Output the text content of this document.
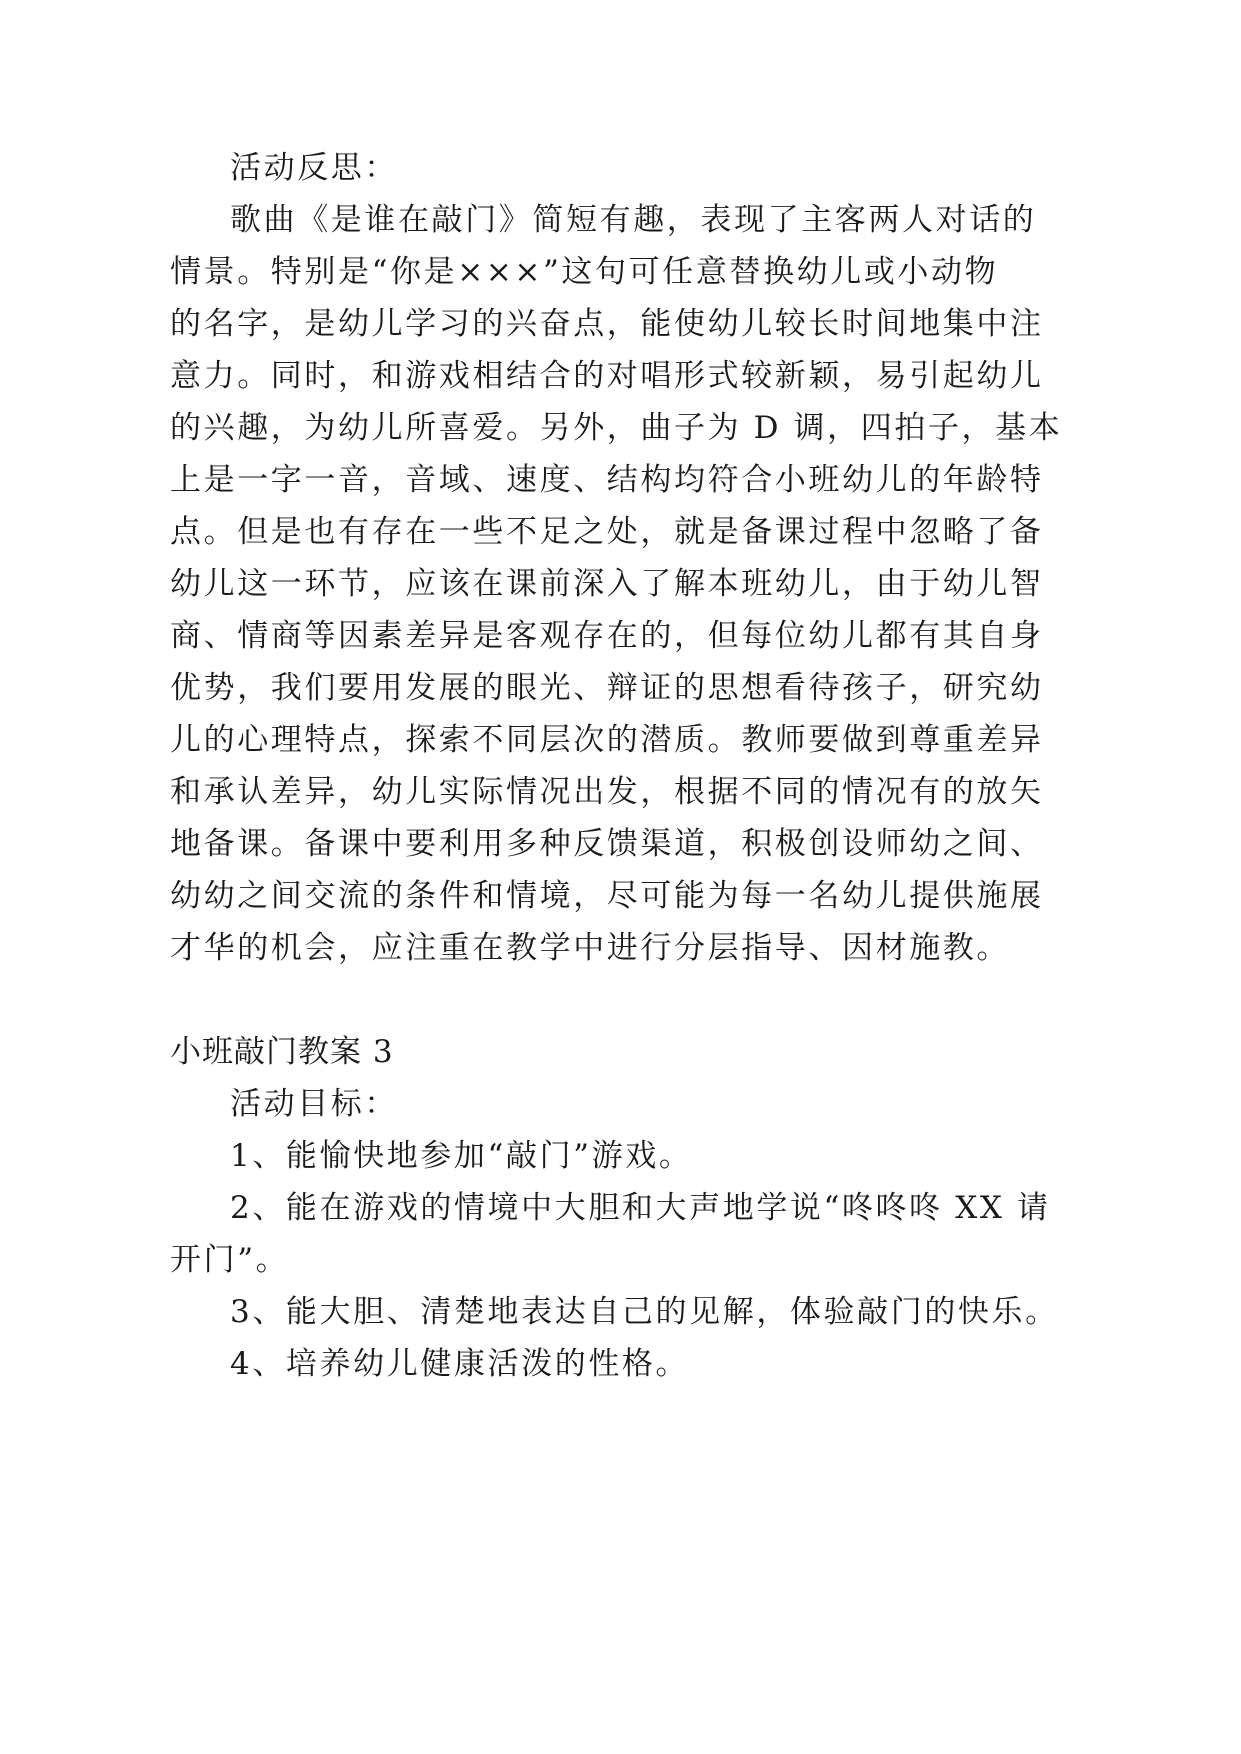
活动反思：

歌曲《是谁在敲门》简短有趣，表现了主客两人对话的

情景。特别是“你是×××”这句可任意替换幼儿或小动物

的名字，是幼儿学习的兴奋点，能使幼儿较长时间地集中注

意力。同时，和游戏相结合的对唱形式较新颖，易引起幼儿

的兴趣，为幼儿所喜爱。另外，曲子为 D 调，四拍子，基本

上是一字一音，音域、速度、结构均符合小班幼儿的年龄特

点。但是也有存在一些不足之处，就是备课过程中忽略了备

幼儿这一环节，应该在课前深入了解本班幼儿，由于幼儿智

商、情商等因素差异是客观存在的，但每位幼儿都有其自身

优势，我们要用发展的眼光、辩证的思想看待孩子，研究幼

儿的心理特点，探索不同层次的潜质。教师要做到尊重差异

和承认差异，幼儿实际情况出发，根据不同的情况有的放矢

地备课。备课中要利用多种反馈渠道，积极创设师幼之间、

幼幼之间交流的条件和情境，尽可能为每一名幼儿提供施展

才华的机会，应注重在教学中进行分层指导、因材施教。

小班敲门教案 3

活动目标：

1、能愉快地参加“敲门”游戏。

2、能在游戏的情境中大胆和大声地学说“咚咚咚 XX 请

开门”。

3、能大胆、清楚地表达自己的见解，体验敲门的快乐。

4、培养幼儿健康活泼的性格。
